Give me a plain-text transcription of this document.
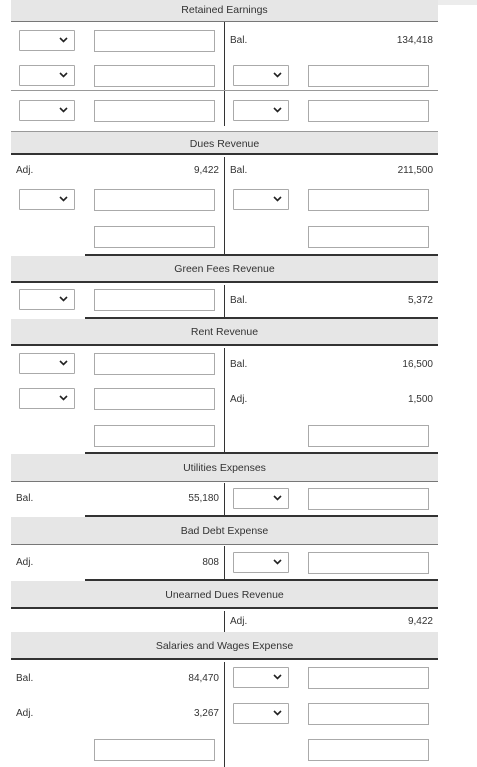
Retained Earnings
Bal.	134,418
Dues Revenue
Adj.	9,422 Bal.	211,500
Green Fees Revenue
Bal.	5,372
Rent Revenue
Bal.	16,500
Adj.	1,500
Utilities Expenses
Bal.	55,180
Bad Debt Expense
Adj.	808
Unearned Dues Revenue
Adj.	9,422
Salaries and Wages Expense
Bal.	84,470
Adj.	3,267
